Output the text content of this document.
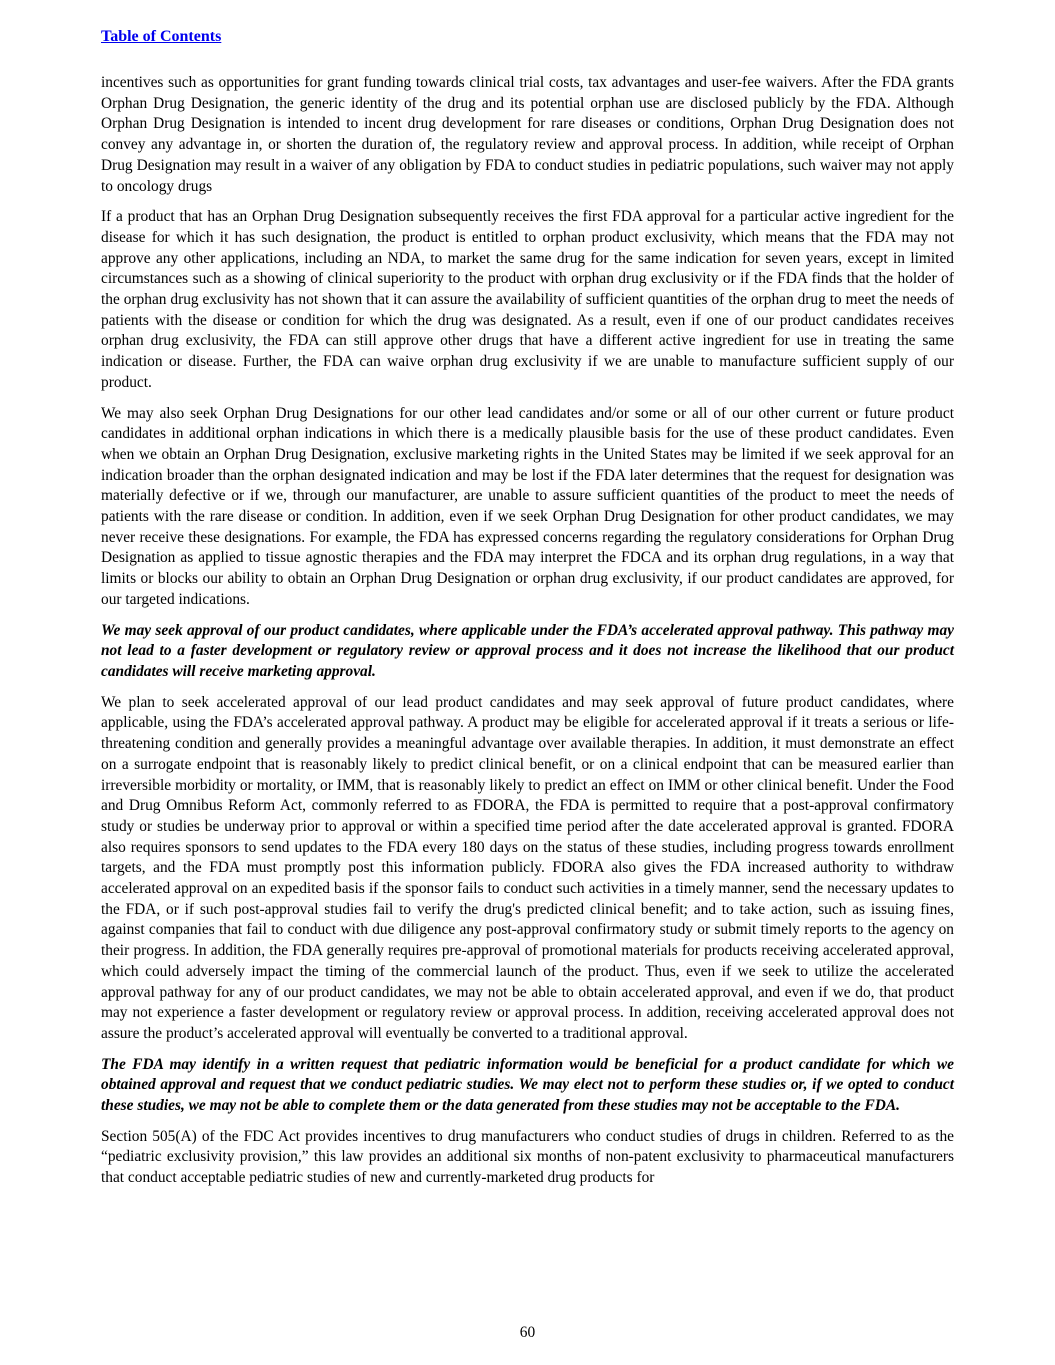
Table of Contents

incentives such as opportunities for grant funding towards clinical trial costs, tax advantages and user-fee waivers. After the FDA grants Orphan Drug Designation, the generic identity of the drug and its potential orphan use are disclosed publicly by the FDA. Although Orphan Drug Designation is intended to incent drug development for rare diseases or conditions, Orphan Drug Designation does not convey any advantage in, or shorten the duration of, the regulatory review and approval process. In addition, while receipt of Orphan Drug Designation may result in a waiver of any obligation by FDA to conduct studies in pediatric populations, such waiver may not apply to oncology drugs

If a product that has an Orphan Drug Designation subsequently receives the first FDA approval for a particular active ingredient for the disease for which it has such designation, the product is entitled to orphan product exclusivity, which means that the FDA may not approve any other applications, including an NDA, to market the same drug for the same indication for seven years, except in limited circumstances such as a showing of clinical superiority to the product with orphan drug exclusivity or if the FDA finds that the holder of the orphan drug exclusivity has not shown that it can assure the availability of sufficient quantities of the orphan drug to meet the needs of patients with the disease or condition for which the drug was designated. As a result, even if one of our product candidates receives orphan drug exclusivity, the FDA can still approve other drugs that have a different active ingredient for use in treating the same indication or disease. Further, the FDA can waive orphan drug exclusivity if we are unable to manufacture sufficient supply of our product.

We may also seek Orphan Drug Designations for our other lead candidates and/or some or all of our other current or future product candidates in additional orphan indications in which there is a medically plausible basis for the use of these product candidates. Even when we obtain an Orphan Drug Designation, exclusive marketing rights in the United States may be limited if we seek approval for an indication broader than the orphan designated indication and may be lost if the FDA later determines that the request for designation was materially defective or if we, through our manufacturer, are unable to assure sufficient quantities of the product to meet the needs of patients with the rare disease or condition. In addition, even if we seek Orphan Drug Designation for other product candidates, we may never receive these designations. For example, the FDA has expressed concerns regarding the regulatory considerations for Orphan Drug Designation as applied to tissue agnostic therapies and the FDA may interpret the FDCA and its orphan drug regulations, in a way that limits or blocks our ability to obtain an Orphan Drug Designation or orphan drug exclusivity, if our product candidates are approved, for our targeted indications.

We may seek approval of our product candidates, where applicable under the FDA’s accelerated approval pathway. This pathway may not lead to a faster development or regulatory review or approval process and it does not increase the likelihood that our product candidates will receive marketing approval.

We plan to seek accelerated approval of our lead product candidates and may seek approval of future product candidates, where applicable, using the FDA’s accelerated approval pathway. A product may be eligible for accelerated approval if it treats a serious or life-threatening condition and generally provides a meaningful advantage over available therapies. In addition, it must demonstrate an effect on a surrogate endpoint that is reasonably likely to predict clinical benefit, or on a clinical endpoint that can be measured earlier than irreversible morbidity or mortality, or IMM, that is reasonably likely to predict an effect on IMM or other clinical benefit. Under the Food and Drug Omnibus Reform Act, commonly referred to as FDORA, the FDA is permitted to require that a post-approval confirmatory study or studies be underway prior to approval or within a specified time period after the date accelerated approval is granted. FDORA also requires sponsors to send updates to the FDA every 180 days on the status of these studies, including progress towards enrollment targets, and the FDA must promptly post this information publicly. FDORA also gives the FDA increased authority to withdraw accelerated approval on an expedited basis if the sponsor fails to conduct such activities in a timely manner, send the necessary updates to the FDA, or if such post-approval studies fail to verify the drug's predicted clinical benefit; and to take action, such as issuing fines, against companies that fail to conduct with due diligence any post-approval confirmatory study or submit timely reports to the agency on their progress. In addition, the FDA generally requires pre-approval of promotional materials for products receiving accelerated approval, which could adversely impact the timing of the commercial launch of the product. Thus, even if we seek to utilize the accelerated approval pathway for any of our product candidates, we may not be able to obtain accelerated approval, and even if we do, that product may not experience a faster development or regulatory review or approval process. In addition, receiving accelerated approval does not assure the product’s accelerated approval will eventually be converted to a traditional approval.

The FDA may identify in a written request that pediatric information would be beneficial for a product candidate for which we obtained approval and request that we conduct pediatric studies. We may elect not to perform these studies or, if we opted to conduct these studies, we may not be able to complete them or the data generated from these studies may not be acceptable to the FDA.

Section 505(A) of the FDC Act provides incentives to drug manufacturers who conduct studies of drugs in children. Referred to as the “pediatric exclusivity provision,” this law provides an additional six months of non-patent exclusivity to pharmaceutical manufacturers that conduct acceptable pediatric studies of new and currently-marketed drug products for

60
